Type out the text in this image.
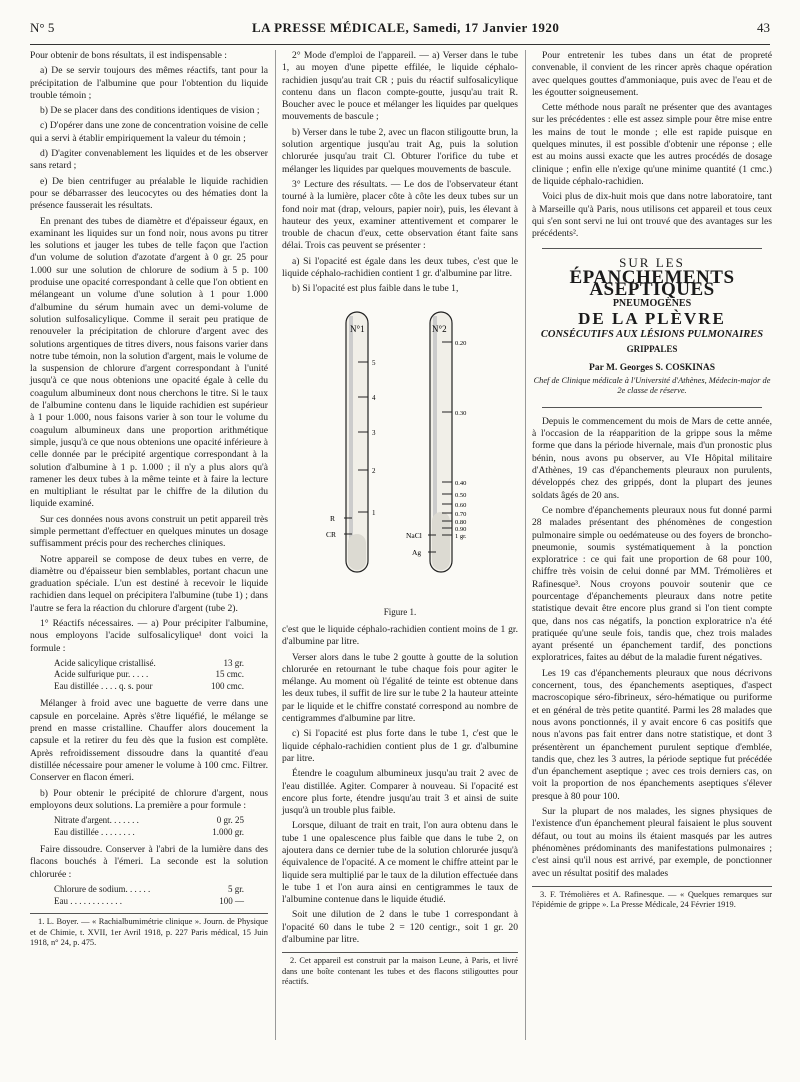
N° 5	LA PRESSE MÉDICALE, Samedi, 17 Janvier 1920	43

Pour obtenir de bons résultats, il est indispensable :

a) De se servir toujours des mêmes réactifs, tant pour la précipitation de l'albumine que pour l'obtention du liquide trouble témoin ;

b) De se placer dans des conditions identiques de vision ;

c) D'opérer dans une zone de concentration voisine de celle qui a servi à établir empiriquement la valeur du témoin ;

d) D'agiter convenablement les liquides et de les observer sans retard ;

e) De bien centrifuger au préalable le liquide rachidien pour se débarrasser des leucocytes ou des hématies dont la présence fausserait les résultats.

En prenant des tubes de diamètre et d'épaisseur égaux, en examinant les liquides sur un fond noir, nous avons pu titrer les solutions et jauger les tubes de telle façon que l'action d'un volume de solution d'azotate d'argent à 0 gr. 25 pour 1.000 sur une solution de chlorure de sodium à 5 p. 100 produise une opacité correspondant à celle que l'on obtient en mélangeant un volume d'une solution à 1 pour 1.000 d'albumine du sérum humain avec un demi-volume de solution sulfosalicylique. Comme il serait peu pratique de renouveler la précipitation de chlorure d'argent avec des solutions argentiques de titres divers, nous faisons varier dans notre tube témoin, non la solution d'argent, mais le volume de la suspension de chlorure d'argent correspondant à l'unité jusqu'à ce que nous obtenions une opacité égale à celle du coagulum albumineux dont nous cherchons le titre. Si le taux de l'albumine contenu dans le liquide rachidien est supérieur à 1 pour 1.000, nous faisons varier à son tour le volume du coagulum albumineux dans une proportion arithmétique simple, jusqu'à ce que nous obtenions une opacité inférieure à celle donnée par le précipité argentique correspondant à la solution d'albumine à 1 p. 1.000 ; il n'y a plus alors qu'à ramener les deux tubes à la même teinte et à faire la lecture en multipliant le résultat par le chiffre de la dilution du liquide examiné.

Sur ces données nous avons construit un petit appareil très simple permettant d'effectuer en quelques minutes un dosage suffisamment précis pour des recherches cliniques.

Notre appareil se compose de deux tubes en verre, de diamètre ou d'épaisseur bien semblables, portant chacun une graduation spéciale. L'un est destiné à recevoir le liquide rachidien dans lequel on précipitera l'albumine (tube 1) ; dans l'autre se fera la réaction du chlorure d'argent (tube 2).

1° Réactifs nécessaires. — a) Pour précipiter l'albumine, nous employons l'acide sulfosalicylique¹ dont voici la formule :

Acide salicylique cristallisé.	13 gr.
Acide sulfurique pur. . . . .	15 cmc.
Eau distillée . . . . q. s. pour	100 cmc.

Mélanger à froid avec une baguette de verre dans une capsule en porcelaine. Après s'être liquéfié, le mélange se prend en masse cristalline. Chauffer alors doucement la capsule et la retirer du feu dès que la fusion est complète. Après refroidissement dissoudre dans la quantité d'eau distillée nécessaire pour amener le volume à 100 cmc. Filtrer. Conserver en flacon émeri.

b) Pour obtenir le précipité de chlorure d'argent, nous employons deux solutions. La première a pour formule :

Nitrate d'argent. . . . . . .	0 gr. 25
Eau distillée . . . . . . . .	1.000 gr.

Faire dissoudre. Conserver à l'abri de la lumière dans des flacons bouchés à l'émeri. La seconde est la solution chlorurée :

Chlorure de sodium. . . . . .	5 gr.
Eau . . . . . . . . . . . .	100 —

1. L. Boyer. — « Rachialbumimétrie clinique ». Journ. de Physique et de Chimie, t. XVII, 1er Avril 1918, p. 227 Paris médical, 15 Juin 1918, n° 24, p. 475.

2° Mode d'emploi de l'appareil. — a) Verser dans le tube 1, au moyen d'une pipette effilée, le liquide céphalo-rachidien jusqu'au trait CR ; puis du réactif sulfosalicylique contenu dans un flacon compte-goutte, jusqu'au trait R. Boucher avec le pouce et mélanger les liquides par quelques mouvements de bascule ;

b) Verser dans le tube 2, avec un flacon stiligoutte brun, la solution argentique jusqu'au trait Ag, puis la solution chlorurée jusqu'au trait Cl. Obturer l'orifice du tube et mélanger les liquides par quelques mouvements de bascule.

3° Lecture des résultats. — Le dos de l'observateur étant tourné à la lumière, placer côte à côte les deux tubes sur un fond noir mat (drap, velours, papier noir), puis, les élevant à hauteur des yeux, examiner attentivement et comparer le trouble de chacun d'eux, cette observation étant faite sans délai. Trois cas peuvent se présenter :

a) Si l'opacité est égale dans les deux tubes, c'est que le liquide céphalo-rachidien contient 1 gr. d'albumine par litre.

b) Si l'opacité est plus faible dans le tube 1,

N°1
5
4
3
2
1
R
CR
N°2
0.20
0.30
0.40
0.50
0.60
0.70
0.80
0.90
1 gr.
NaCl
Ag
Figure 1.

c'est que le liquide céphalo-rachidien contient moins de 1 gr. d'albumine par litre.

Verser alors dans le tube 2 goutte à goutte de la solution chlorurée en retournant le tube chaque fois pour agiter le mélange. Au moment où l'égalité de teinte est obtenue dans les deux tubes, il suffit de lire sur le tube 2 la hauteur atteinte par le liquide et le chiffre constaté correspond au nombre de centigrammes d'albumine par litre.

c) Si l'opacité est plus forte dans le tube 1, c'est que le liquide céphalo-rachidien contient plus de 1 gr. d'albumine par litre.

Étendre le coagulum albumineux jusqu'au trait 2 avec de l'eau distillée. Agiter. Comparer à nouveau. Si l'opacité est encore plus forte, étendre jusqu'au trait 3 et ainsi de suite jusqu'à un trouble plus faible.

Lorsque, diluant de trait en trait, l'on aura obtenu dans le tube 1 une opalescence plus faible que dans le tube 2, on ajoutera dans ce dernier tube de la solution chlorurée jusqu'à équivalence de l'opacité. A ce moment le chiffre atteint par le liquide sera multiplié par le taux de la dilution effectuée dans le tube 1 et l'on aura ainsi en centigrammes le taux de l'albumine contenue dans le liquide étudié.

Soit une dilution de 2 dans le tube 1 correspondant à l'opacité 60 dans le tube 2 = 120 centigr., soit 1 gr. 20 d'albumine par litre.

2. Cet appareil est construit par la maison Leune, à Paris, et livré dans une boîte contenant les tubes et des flacons stiligouttes pour réactifs.

Pour entretenir les tubes dans un état de propreté convenable, il convient de les rincer après chaque opération avec quelques gouttes d'ammoniaque, puis avec de l'eau et de les égoutter soigneusement.

Cette méthode nous paraît ne présenter que des avantages sur les précédentes : elle est assez simple pour être mise entre les mains de tout le monde ; elle est rapide puisque en quelques minutes, il est possible d'obtenir une réponse ; elle est au moins aussi exacte que les autres procédés de dosage clinique ; enfin elle n'exige qu'une minime quantité (1 cmc.) de liquide céphalo-rachidien.

Voici plus de dix-huit mois que dans notre laboratoire, tant à Marseille qu'à Paris, nous utilisons cet appareil et tous ceux qui s'en sont servi ne lui ont trouvé que des avantages sur les précédents².

SUR LES
ÉPANCHEMENTS ASEPTIQUES
PNEUMOGÈNES
DE LA PLÈVRE
CONSÉCUTIFS AUX LÉSIONS PULMONAIRES
GRIPPALES
Par M. Georges S. COSKINAS
Chef de Clinique médicale à l'Université d'Athènes, Médecin-major de 2e classe de réserve.

Depuis le commencement du mois de Mars de cette année, à l'occasion de la réapparition de la grippe sous la même forme que dans la période hivernale, mais d'un pronostic plus bénin, nous avons pu observer, au VIe Hôpital militaire d'Athènes, 19 cas d'épanchements pleuraux non purulents, développés chez des grippés, dont la plupart des jeunes soldats âgés de 20 ans.

Ce nombre d'épanchements pleuraux nous fut donné parmi 28 malades présentant des phénomènes de congestion pulmonaire simple ou oedémateuse ou des foyers de broncho-pneumonie, soumis systématiquement à la ponction exploratrice : ce qui fait une proportion de 68 pour 100, chiffre très voisin de celui donné par MM. Trémolières et Rafinesque³. Nous croyons pouvoir soutenir que ce pourcentage d'épanchements pleuraux dans notre petite statistique devait être encore plus grand si l'on tient compte que, dans nos cas négatifs, la ponction exploratrice n'a été pratiquée qu'une seule fois, tandis que, chez trois malades ayant présenté un épanchement tardif, des ponctions exploratrices, faites au début de la maladie furent négatives.

Les 19 cas d'épanchements pleuraux que nous décrivons concernent, tous, des épanchements aseptiques, d'aspect macroscopique séro-fibrineux, séro-hématique ou puriforme et en général de très petite quantité. Parmi les 28 malades que nous avons ponctionnés, il y avait encore 6 cas positifs que nous n'avons pas fait entrer dans notre statistique, et dont 3 présentèrent un épanchement purulent septique d'emblée, tandis que, chez les 3 autres, la période septique fut précédée d'un épanchement aseptique ; avec ces trois derniers cas, on voit la proportion de nos épanchements aseptiques s'élever presque à 80 pour 100.

Sur la plupart de nos malades, les signes physiques de l'existence d'un épanchement pleural faisaient le plus souvent défaut, ou tout au moins ils étaient masqués par les autres phénomènes prédominants des manifestations pulmonaires ; c'est ainsi qu'il nous est arrivé, par exemple, de ponctionner avec un résultat positif des malades

3. F. Trémolières et A. Rafinesque. — « Quelques remarques sur l'épidémie de grippe ». La Presse Médicale, 24 Février 1919.
